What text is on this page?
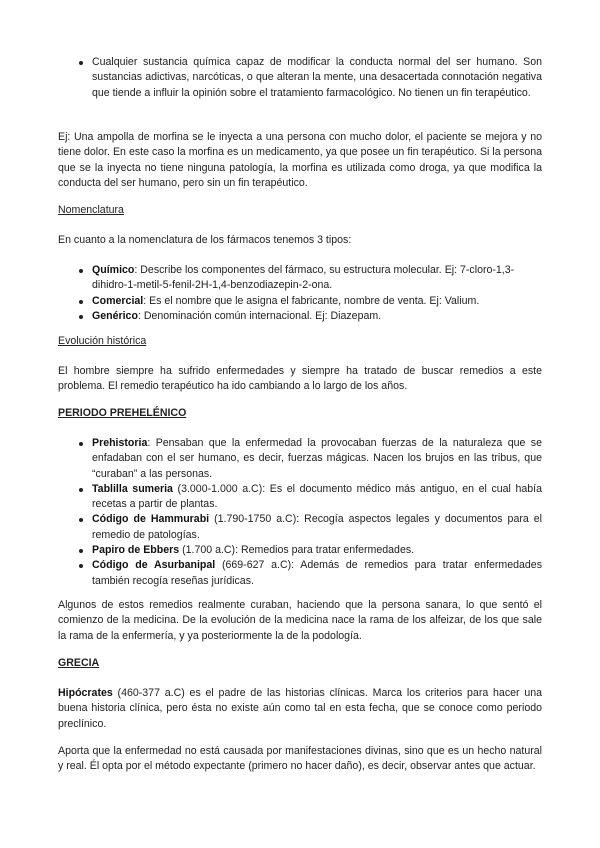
Cualquier sustancia química capaz de modificar la conducta normal del ser humano. Son sustancias adictivas, narcóticas, o que alteran la mente, una desacertada connotación negativa que tiende a influir la opinión sobre el tratamiento farmacológico. No tienen un fin terapéutico.

Ej: Una ampolla de morfina se le inyecta a una persona con mucho dolor, el paciente se mejora y no tiene dolor. En este caso la morfina es un medicamento, ya que posee un fin terapéutico. Si la persona que se la inyecta no tiene ninguna patología, la morfina es utilizada como droga, ya que modifica la conducta del ser humano, pero sin un fin terapéutico.

Nomenclatura

En cuanto a la nomenclatura de los fármacos tenemos 3 tipos:

Químico: Describe los componentes del fármaco, su estructura molecular. Ej: 7-cloro-1,3-dihidro-1-metil-5-fenil-2H-1,4-benzodiazepin-2-ona.
Comercial: Es el nombre que le asigna el fabricante, nombre de venta. Ej: Valium.
Genérico: Denominación común internacional. Ej: Diazepam.

Evolución histórica

El hombre siempre ha sufrido enfermedades y siempre ha tratado de buscar remedios a este problema. El remedio terapéutico ha ido cambiando a lo largo de los años.

PERIODO PREHELÉNICO

Prehistoria: Pensaban que la enfermedad la provocaban fuerzas de la naturaleza que se enfadaban con el ser humano, es decir, fuerzas mágicas. Nacen los brujos en las tribus, que “curaban” a las personas.
Tablilla sumeria (3.000-1.000 a.C): Es el documento médico más antiguo, en el cual había recetas a partir de plantas.
Código de Hammurabi (1.790-1750 a.C): Recogía aspectos legales y documentos para el remedio de patologías.
Papiro de Ebbers (1.700 a.C): Remedios para tratar enfermedades.
Código de Asurbanipal (669-627 a.C): Además de remedios para tratar enfermedades también recogía reseñas jurídicas.

Algunos de estos remedios realmente curaban, haciendo que la persona sanara, lo que sentó el comienzo de la medicina. De la evolución de la medicina nace la rama de los alfeizar, de los que sale la rama de la enfermería, y ya posteriormente la de la podología.

GRECIA

Hipócrates (460-377 a.C) es el padre de las historias clínicas. Marca los criterios para hacer una buena historia clínica, pero ésta no existe aún como tal en esta fecha, que se conoce como periodo preclínico.

Aporta que la enfermedad no está causada por manifestaciones divinas, sino que es un hecho natural y real. Él opta por el método expectante (primero no hacer daño), es decir, observar antes que actuar.
